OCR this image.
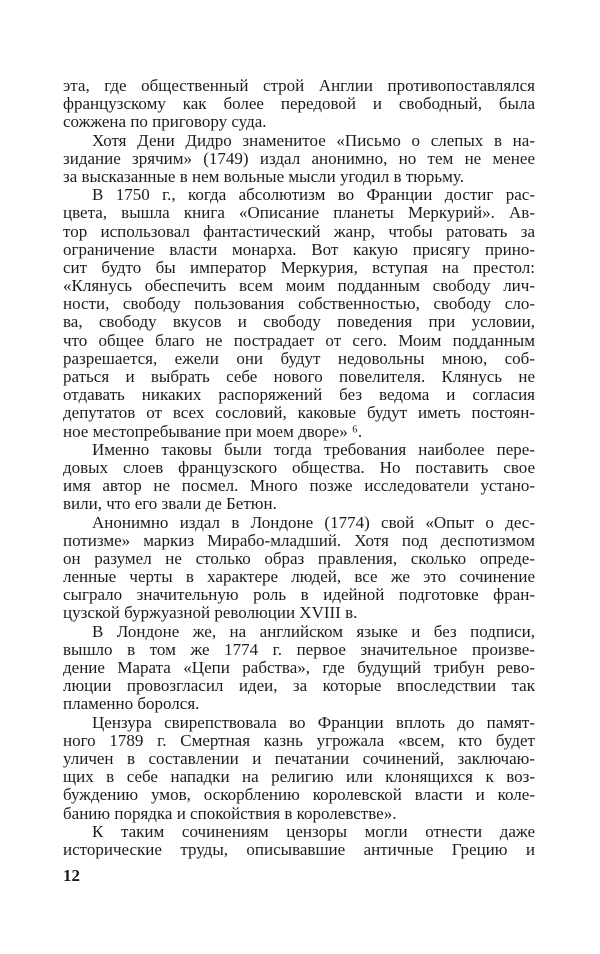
эта, где общественный строй Англии противопоставлялся
французскому как более передовой и свободный, была
сожжена по приговору суда.
Хотя Дени Дидро знаменитое «Письмо о слепых в на-
зидание зрячим» (1749) издал анонимно, но тем не менее
за высказанные в нем вольные мысли угодил в тюрьму.
В 1750 г., когда абсолютизм во Франции достиг рас-
цвета, вышла книга «Описание планеты Меркурий». Ав-
тор использовал фантастический жанр, чтобы ратовать за
ограничение власти монарха. Вот какую присягу прино-
сит будто бы император Меркурия, вступая на престол:
«Клянусь обеспечить всем моим подданным свободу лич-
ности, свободу пользования собственностью, свободу сло-
ва, свободу вкусов и свободу поведения при условии,
что общее благо не пострадает от сего. Моим подданным
разрешается, ежели они будут недовольны мною, соб-
раться и выбрать себе нового повелителя. Клянусь не
отдавать никаких распоряжений без ведома и согласия
депутатов от всех сословий, каковые будут иметь постоян-
ное местопребывание при моем дворе» ⁶.
Именно таковы были тогда требования наиболее пере-
довых слоев французского общества. Но поставить свое
имя автор не посмел. Много позже исследователи устано-
вили, что его звали де Бетюн.
Анонимно издал в Лондоне (1774) свой «Опыт о дес-
потизме» маркиз Мирабо-младший. Хотя под деспотизмом
он разумел не столько образ правления, сколько опреде-
ленные черты в характере людей, все же это сочинение
сыграло значительную роль в идейной подготовке фран-
цузской буржуазной революции XVIII в.
В Лондоне же, на английском языке и без подписи,
вышло в том же 1774 г. первое значительное произве-
дение Марата «Цепи рабства», где будущий трибун рево-
люции провозгласил идеи, за которые впоследствии так
пламенно боролся.
Цензура свирепствовала во Франции вплоть до памят-
ного 1789 г. Смертная казнь угрожала «всем, кто будет
уличен в составлении и печатании сочинений, заключаю-
щих в себе нападки на религию или клонящихся к воз-
буждению умов, оскорблению королевской власти и коле-
банию порядка и спокойствия в королевстве».
К таким сочинениям цензоры могли отнести даже
исторические труды, описывавшие античные Грецию и
12
